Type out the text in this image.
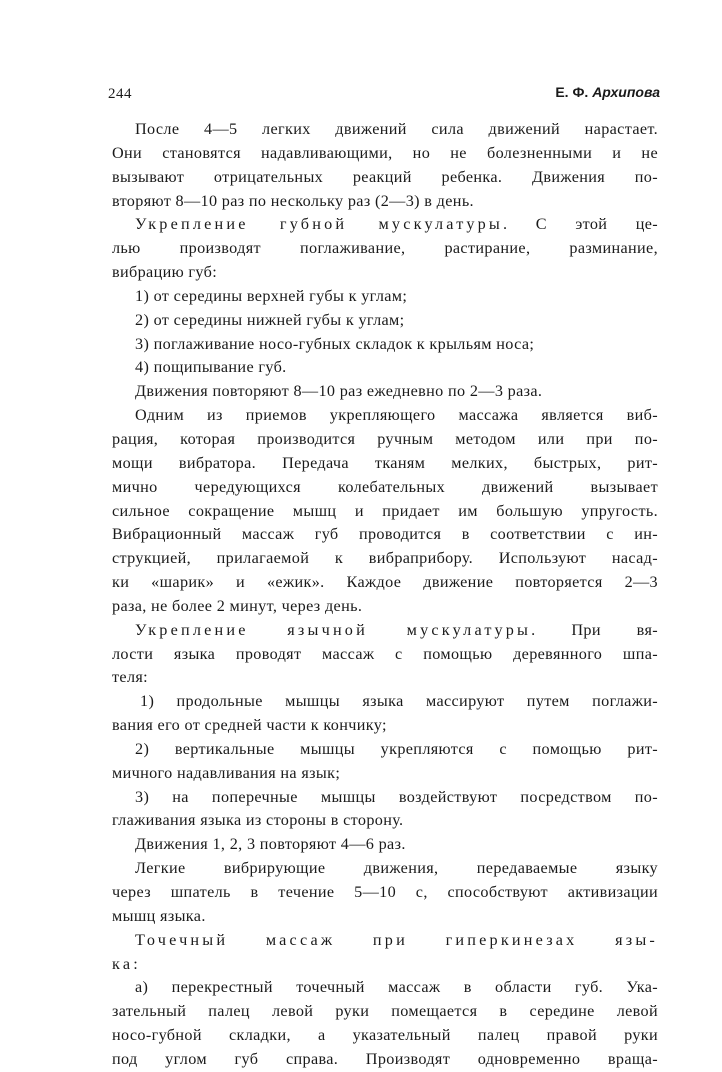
244	Е. Ф. Архипова
После 4—5 легких движений сила движений нарастает.
Они становятся надавливающими, но не болезненными и не
вызывают отрицательных реакций ребенка. Движения по-
вторяют 8—10 раз по нескольку раз (2—3) в день.
Укрепление губной мускулатуры. С этой це-
лью производят поглаживание, растирание, разминание,
вибрацию губ:
1) от середины верхней губы к углам;
2) от середины нижней губы к углам;
3) поглаживание носо-губных складок к крыльям носа;
4) пощипывание губ.
Движения повторяют 8—10 раз ежедневно по 2—3 раза.
Одним из приемов укрепляющего массажа является виб-
рация, которая производится ручным методом или при по-
мощи вибратора. Передача тканям мелких, быстрых, рит-
мично чередующихся колебательных движений вызывает
сильное сокращение мышц и придает им большую упругость.
Вибрационный массаж губ проводится в соответствии с ин-
струкцией, прилагаемой к вибраприбору. Используют насад-
ки «шарик» и «ежик». Каждое движение повторяется 2—3
раза, не более 2 минут, через день.
Укрепление язычной мускулатуры. При вя-
лости языка проводят массаж с помощью деревянного шпа-
теля:
1) продольные мышцы языка массируют путем поглажи-
вания его от средней части к кончику;
2) вертикальные мышцы укрепляются с помощью рит-
мичного надавливания на язык;
3) на поперечные мышцы воздействуют посредством по-
глаживания языка из стороны в сторону.
Движения 1, 2, 3 повторяют 4—6 раз.
Легкие вибрирующие движения, передаваемые языку
через шпатель в течение 5—10 с, способствуют активизации
мышц языка.
Точечный массаж при гиперкинезах язы-
ка:
а) перекрестный точечный массаж в области губ. Ука-
зательный палец левой руки помещается в середине левой
носо-губной складки, а указательный палец правой руки
под углом губ справа. Производят одновременно враща-
